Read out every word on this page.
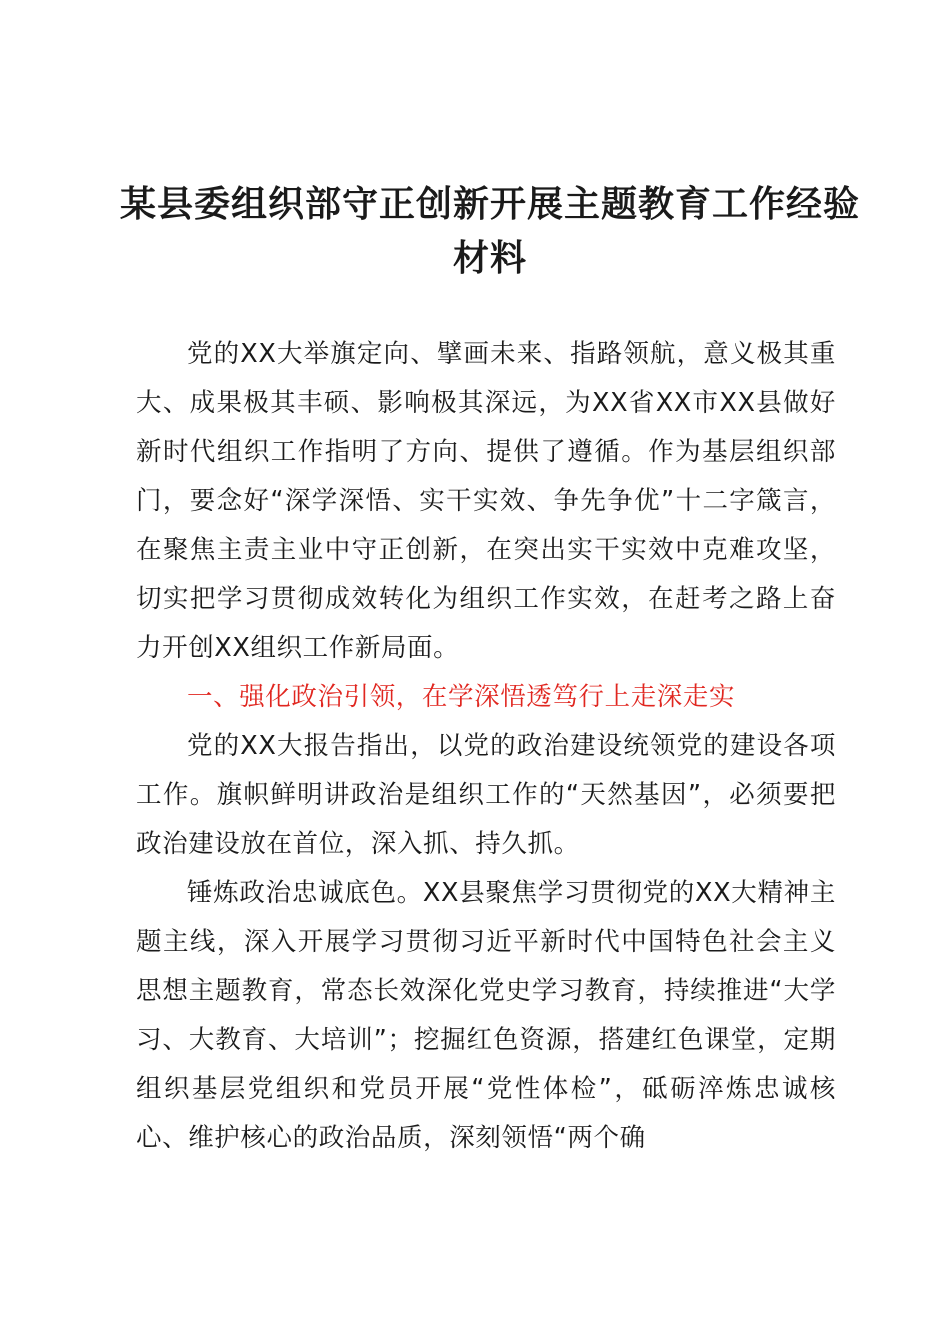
某县委组织部守正创新开展主题教育工作经验材料

党的XX大举旗定向、擘画未来、指路领航，意义极其重大、成果极其丰硕、影响极其深远，为XX省XX市XX县做好新时代组织工作指明了方向、提供了遵循。作为基层组织部门，要念好“深学深悟、实干实效、争先争优”十二字箴言，在聚焦主责主业中守正创新，在突出实干实效中克难攻坚，切实把学习贯彻成效转化为组织工作实效，在赶考之路上奋力开创XX组织工作新局面。

一、强化政治引领，在学深悟透笃行上走深走实

党的XX大报告指出，以党的政治建设统领党的建设各项工作。旗帜鲜明讲政治是组织工作的“天然基因”，必须要把政治建设放在首位，深入抓、持久抓。

锤炼政治忠诚底色。XX县聚焦学习贯彻党的XX大精神主题主线，深入开展学习贯彻习近平新时代中国特色社会主义思想主题教育，常态长效深化党史学习教育，持续推进“大学习、大教育、大培训”；挖掘红色资源，搭建红色课堂，定期组织基层党组织和党员开展“党性体检”，砥砺淬炼忠诚核心、维护核心的政治品质，深刻领悟“两个确
